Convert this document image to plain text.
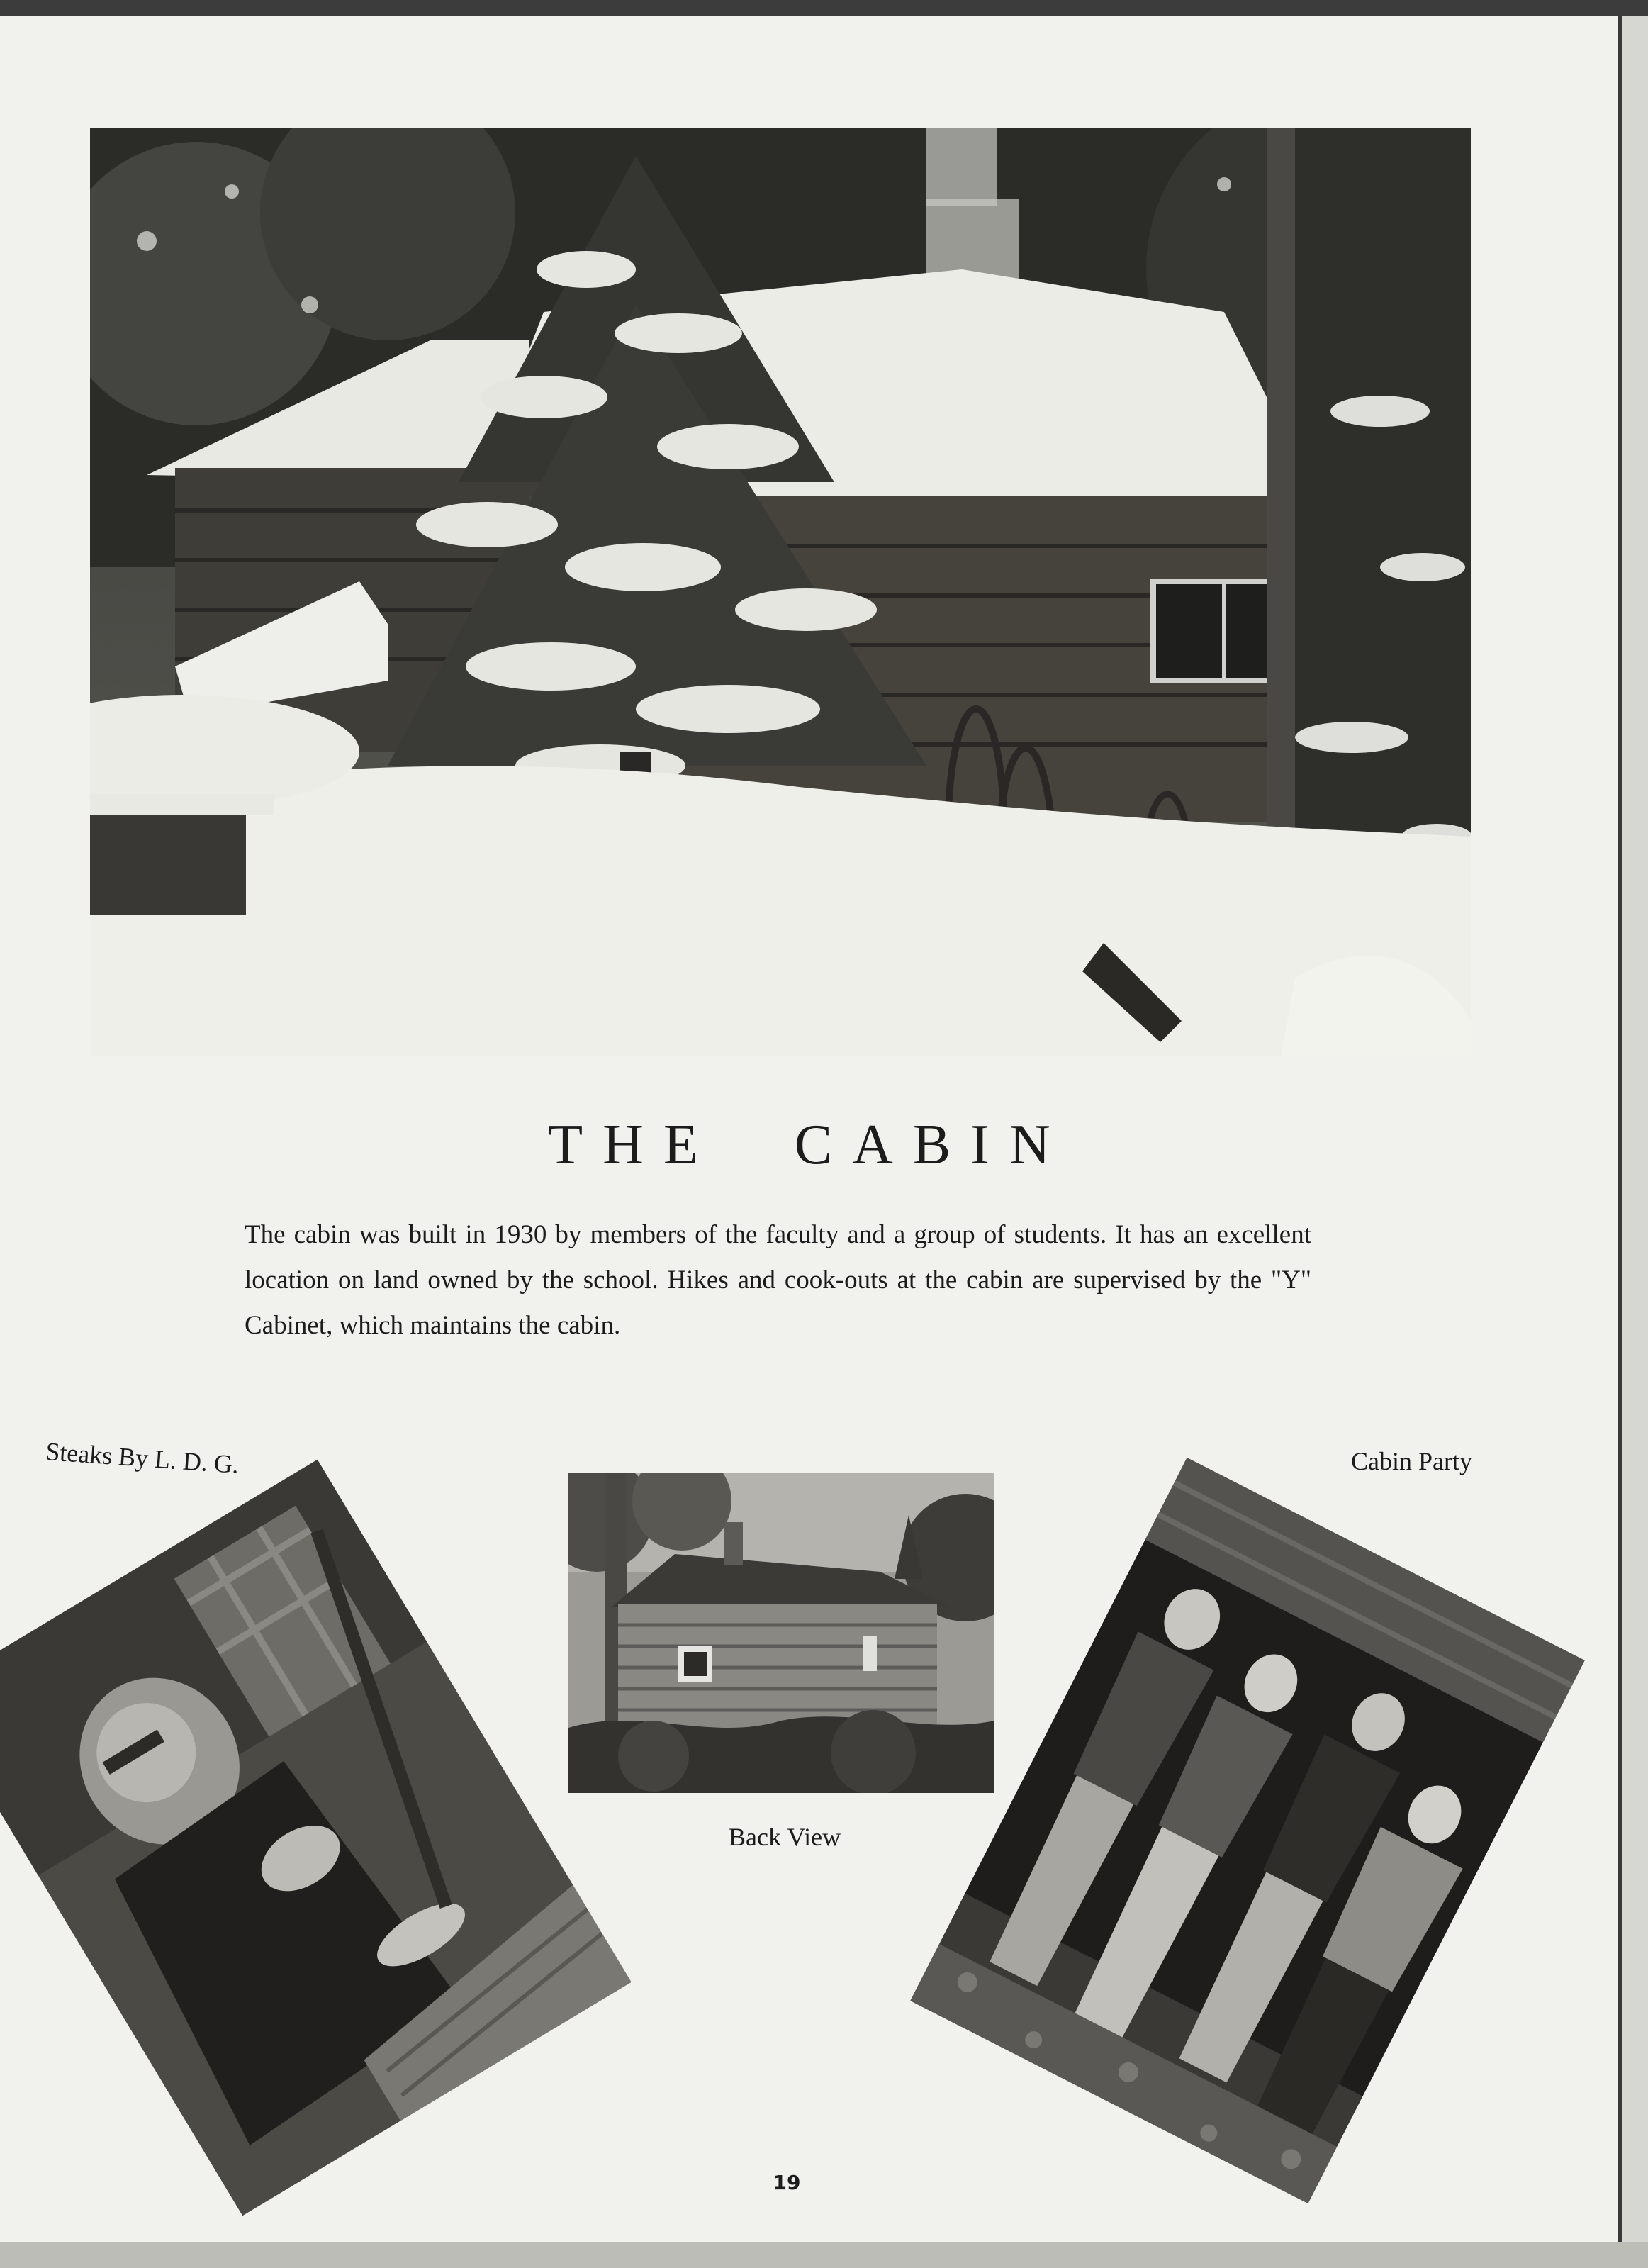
THE CABIN

The cabin was built in 1930 by members of the faculty and a group of students. It has an excellent location on land owned by the school. Hikes and cook-outs at the cabin are supervised by the "Y" Cabinet, which maintains the cabin.

Steaks By L. D. G.	Cabin Party

Back View

19
